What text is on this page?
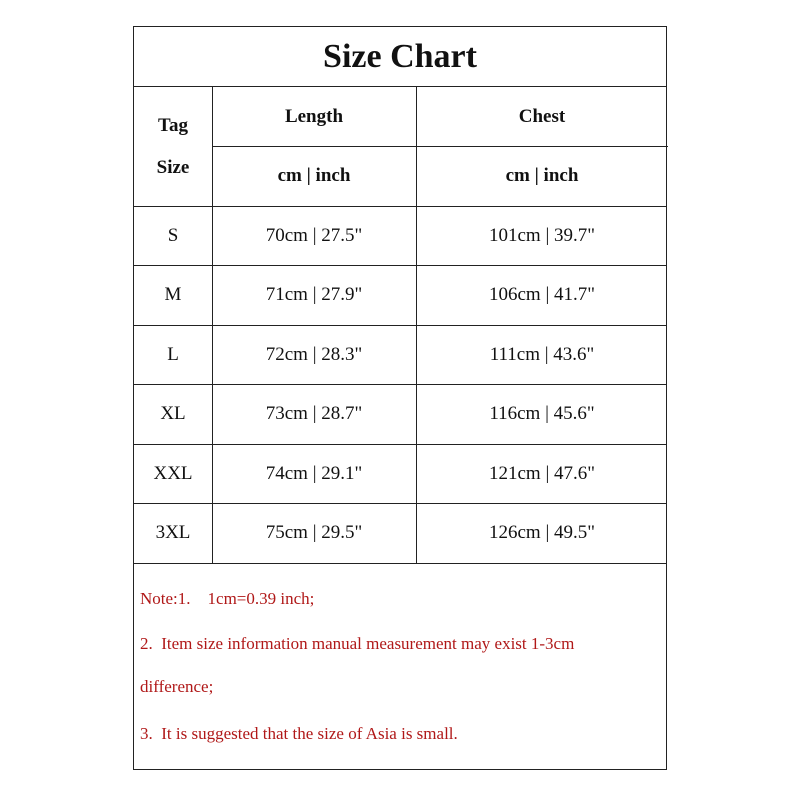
Size Chart
Tag
Size
Length	Chest
cm | inch	cm | inch
S	70cm | 27.5"	101cm | 39.7"
M	71cm | 27.9"	106cm | 41.7"
L	72cm | 28.3"	111cm | 43.6"
XL	73cm | 28.7"	116cm | 45.6"
XXL	74cm | 29.1"	121cm | 47.6"
3XL	75cm | 29.5"	126cm | 49.5"
Note:1.    1cm=0.39 inch;
2.  Item size information manual measurement may exist 1-3cm
difference;
3.  It is suggested that the size of Asia is small.
